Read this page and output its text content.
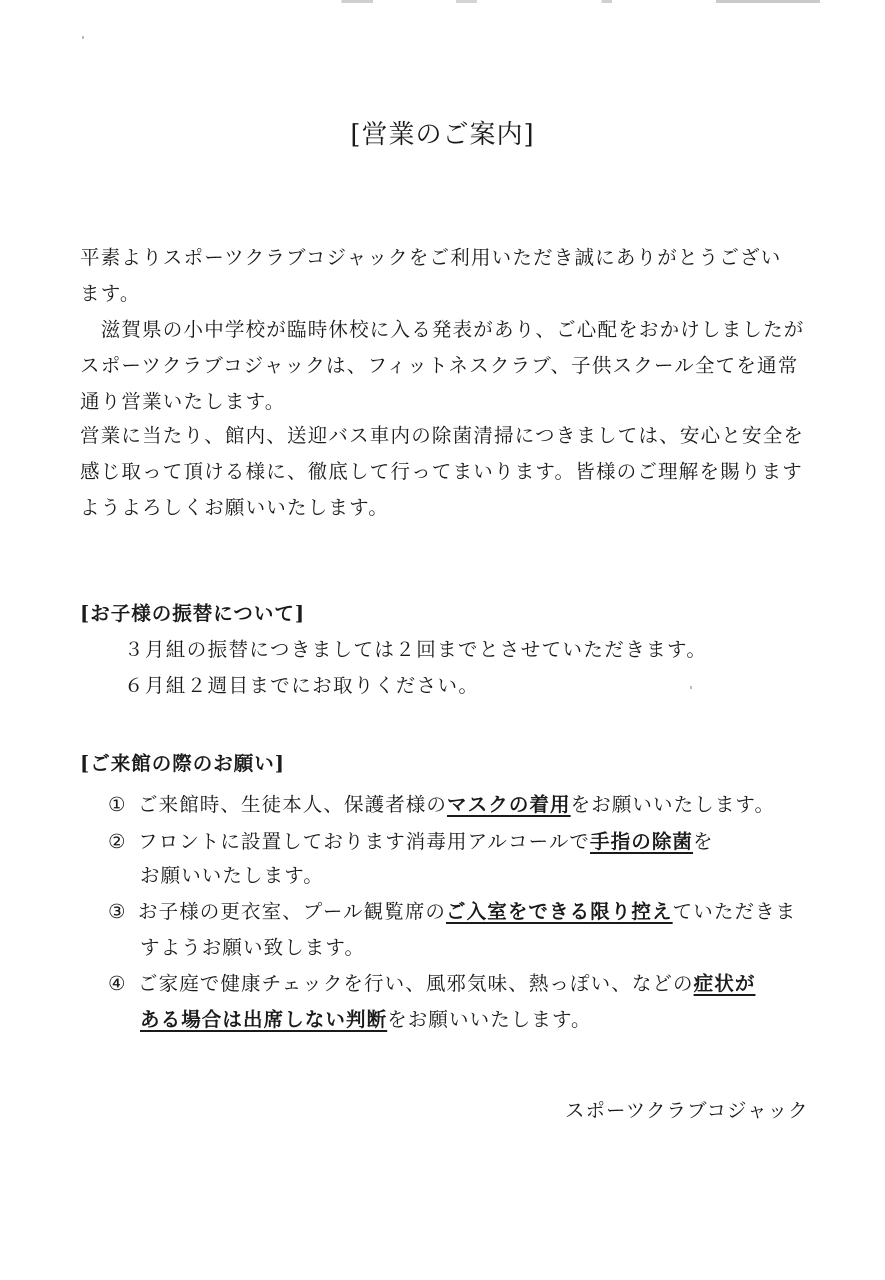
[営業のご案内]
平素よりスポーツクラブコジャックをご利用いただき誠にありがとうござい
ます。
　滋賀県の小中学校が臨時休校に入る発表があり、ご心配をおかけしましたが
スポーツクラブコジャックは、フィットネスクラブ、子供スクール全てを通常
通り営業いたします。
営業に当たり、館内、送迎バス車内の除菌清掃につきましては、安心と安全を
感じ取って頂ける様に、徹底して行ってまいります。皆様のご理解を賜ります
ようよろしくお願いいたします。
[お子様の振替について]
３月組の振替につきましては２回までとさせていただきます。
６月組２週目までにお取りください。
[ご来館の際のお願い]
① ご来館時、生徒本人、保護者様のマスクの着用をお願いいたします。
② フロントに設置しております消毒用アルコールで手指の除菌を
お願いいたします。
③ お子様の更衣室、プール観覧席のご入室をできる限り控えていただきま
すようお願い致します。
④ ご家庭で健康チェックを行い、風邪気味、熱っぽい、などの症状が
ある場合は出席しない判断をお願いいたします。
スポーツクラブコジャック
